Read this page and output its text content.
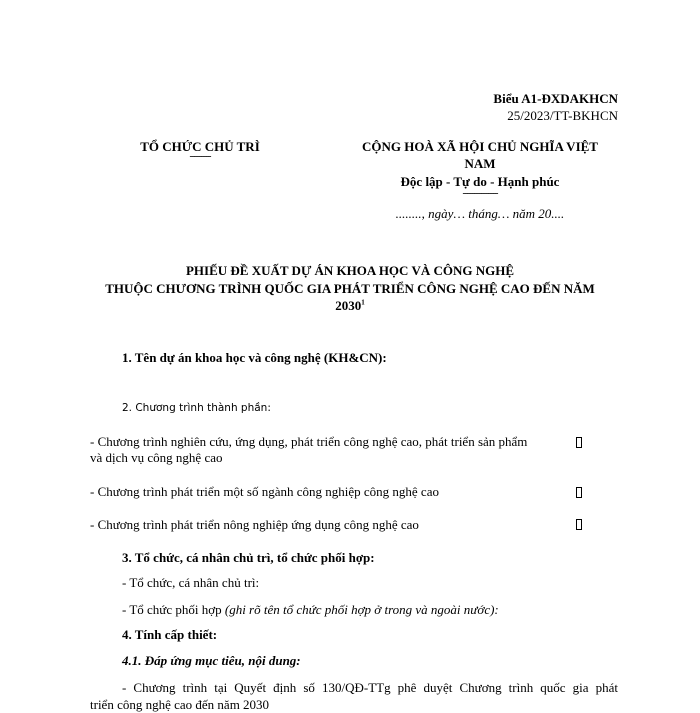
Biểu A1-ĐXDAKHCN
25/2023/TT-BKHCN
TỔ CHỨC CHỦ TRÌ
---------
CỘNG HOÀ XÃ HỘI CHỦ NGHĨA VIỆT
NAM
Độc lập - Tự do - Hạnh phúc
---------------
........, ngày… tháng… năm 20....
PHIẾU ĐỀ XUẤT DỰ ÁN KHOA HỌC VÀ CÔNG NGHỆ
THUỘC CHƯƠNG TRÌNH QUỐC GIA PHÁT TRIỂN CÔNG NGHỆ CAO ĐẾN NĂM
2030$^1$
1. Tên dự án khoa học và công nghệ (KH&CN):
2. Chương trình thành phần:
- Chương trình nghiên cứu, ứng dụng, phát triển công nghệ cao, phát triển sản phẩm
và dịch vụ công nghệ cao
- Chương trình phát triển một số ngành công nghiệp công nghệ cao
- Chương trình phát triển nông nghiệp ứng dụng công nghệ cao
3. Tổ chức, cá nhân chủ trì, tổ chức phối hợp:
- Tổ chức, cá nhân chủ trì:
- Tổ chức phối hợp (ghi rõ tên tổ chức phối hợp ở trong và ngoài nước):
4. Tính cấp thiết:
4.1. Đáp ứng mục tiêu, nội dung:
- Chương trình tại Quyết định số 130/QĐ-TTg phê duyệt Chương trình quốc gia phát
triển công nghệ cao đến năm 2030
